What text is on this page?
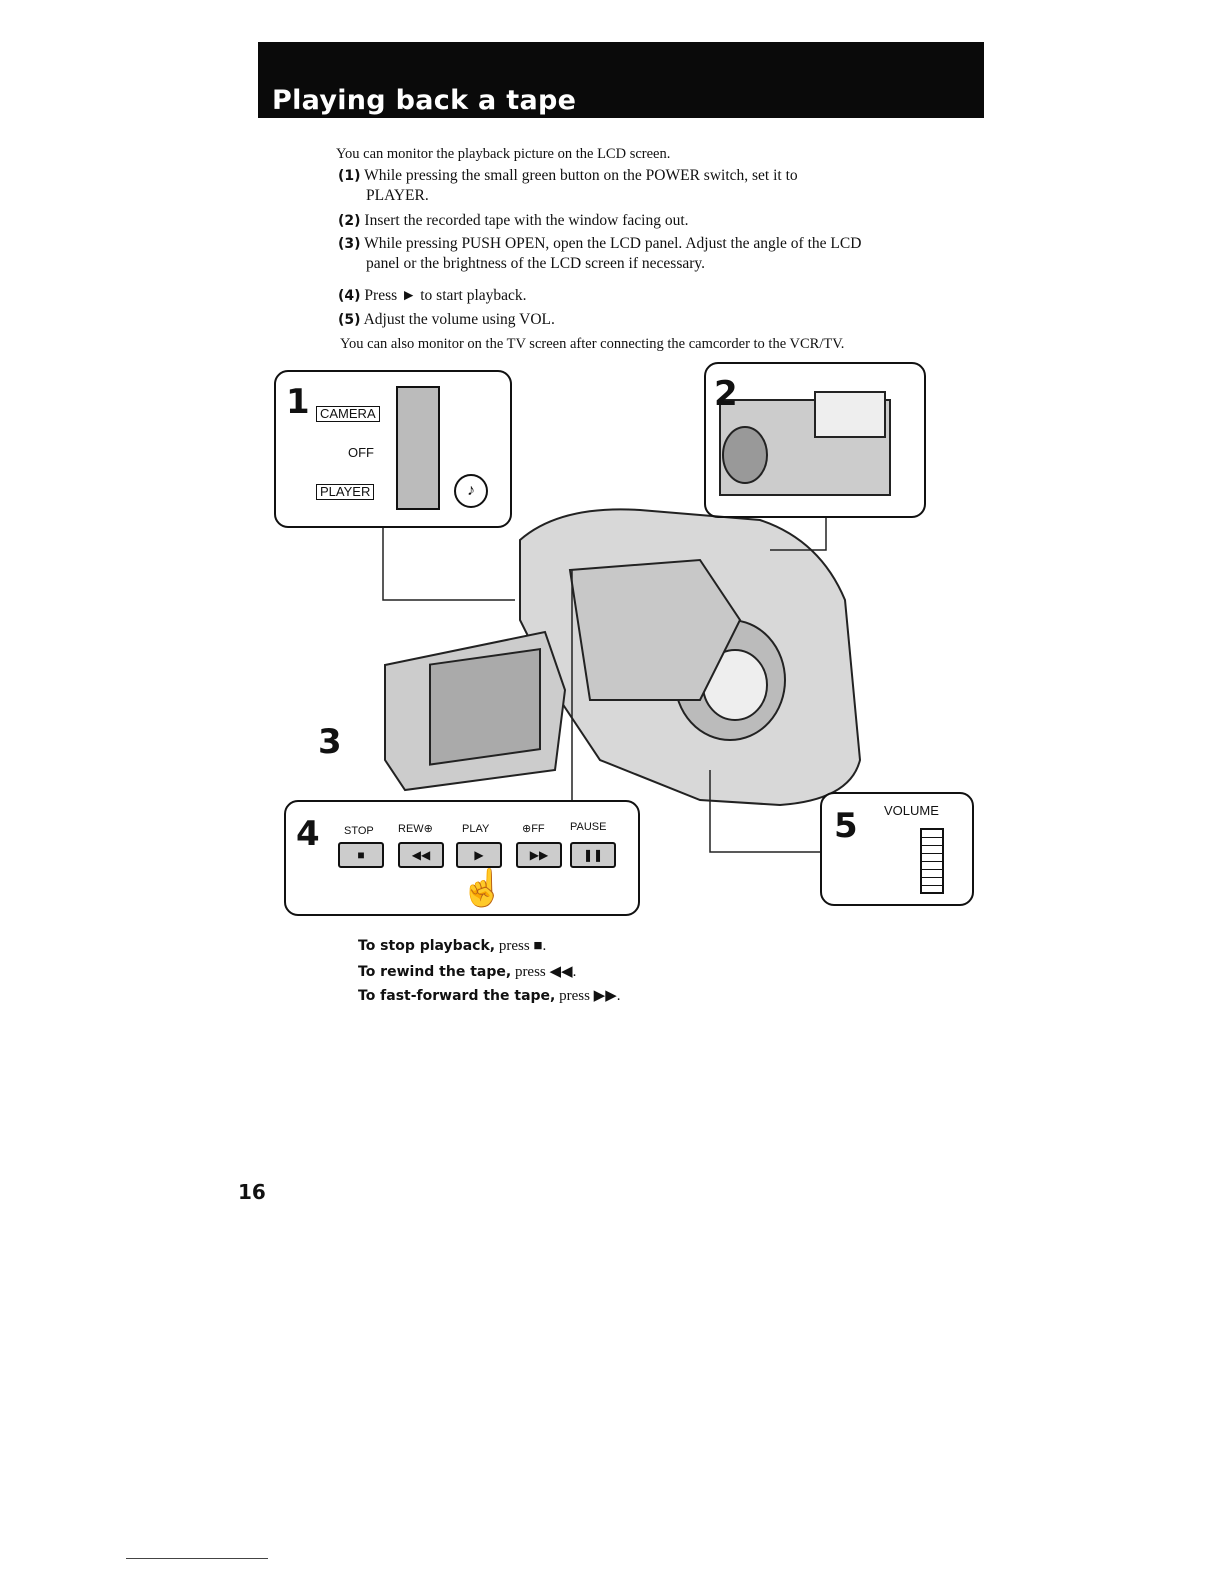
Playing back a tape
You can monitor the playback picture on the LCD screen.
(1) While pressing the small green button on the POWER switch, set it to
PLAYER.
(2) Insert the recorded tape with the window facing out.
(3) While pressing PUSH OPEN, open the LCD panel. Adjust the angle of the LCD
panel or the brightness of the LCD screen if necessary.
(4) Press ► to start playback.
(5) Adjust the volume using VOL.
You can also monitor on the TV screen after connecting the camcorder to the VCR/TV.
1 CAMERA
OFF
PLAYER	♪
2
3
4 STOP REW⊕	PLAY	⊕FF PAUSE
■	◀◀	▶	▶▶	❚❚
☝
5 VOLUME
To stop playback, press ■.
To rewind the tape, press ◀◀.
To fast-forward the tape, press ▶▶.
16
